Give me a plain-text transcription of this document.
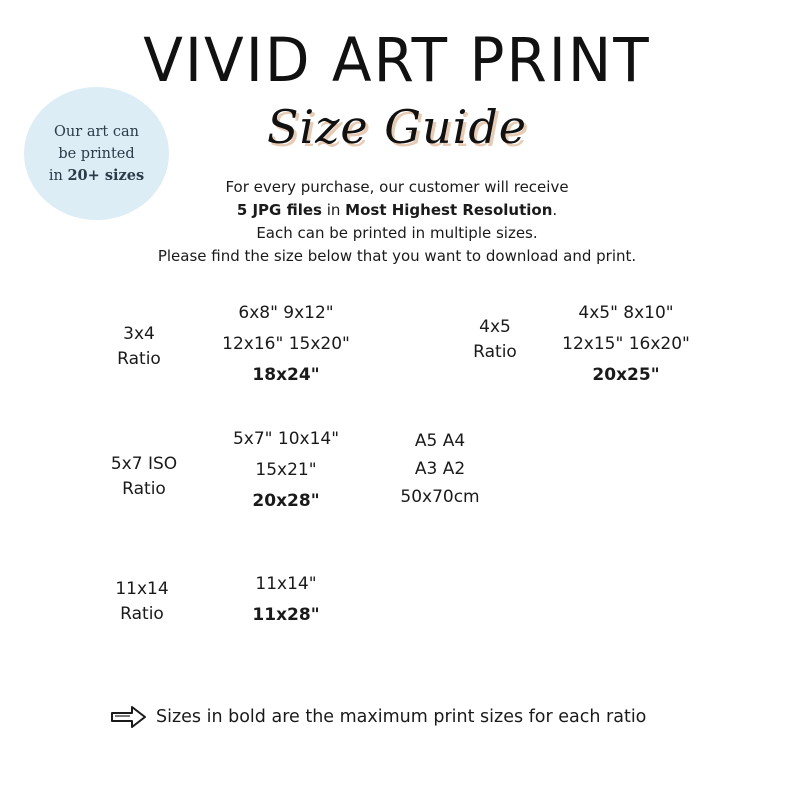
VIVID ART PRINT
Size Guide
Our art can
be printed
in 20+ sizes
For every purchase, our customer will receive
5 JPG files in Most Highest Resolution.
Each can be printed in multiple sizes.
Please find the size below that you want to download and print.
3x4
Ratio
6x8" 9x12"
12x16" 15x20"
18x24"
4x5
Ratio
4x5" 8x10"
12x15" 16x20"
20x25"
5x7 ISO
Ratio
5x7" 10x14"
15x21"
20x28"
A5 A4
A3 A2
50x70cm
11x14
Ratio
11x14"
11x28"
Sizes in bold are the maximum print sizes for each ratio
